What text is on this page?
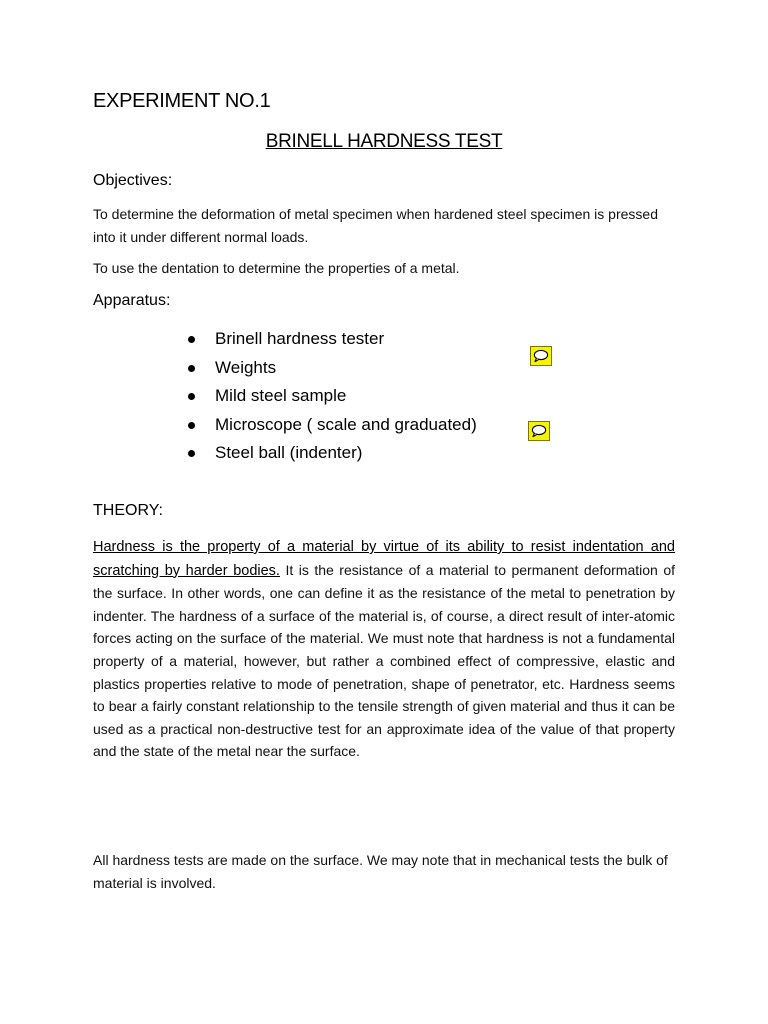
EXPERIMENT NO.1
BRINELL HARDNESS TEST
Objectives:
To determine the deformation of metal specimen when hardened steel specimen is pressed into it under different normal loads.
To use the dentation to determine the properties of a metal.
Apparatus:
Brinell hardness tester
Weights
Mild steel sample
Microscope ( scale and graduated)
Steel ball (indenter)
THEORY:
Hardness is the property of a material by virtue of its ability to resist indentation and scratching by harder bodies. It is the resistance of a material to permanent deformation of the surface. In other words, one can define it as the resistance of the metal to penetration by indenter. The hardness of a surface of the material is, of course, a direct result of inter-atomic forces acting on the surface of the material. We must note that hardness is not a fundamental property of a material, however, but rather a combined effect of compressive, elastic and plastics properties relative to mode of penetration, shape of penetrator, etc. Hardness seems to bear a fairly constant relationship to the tensile strength of given material and thus it can be used as a practical non-destructive test for an approximate idea of the value of that property and the state of the metal near the surface.
All hardness tests are made on the surface. We may note that in mechanical tests the bulk of material is involved.
